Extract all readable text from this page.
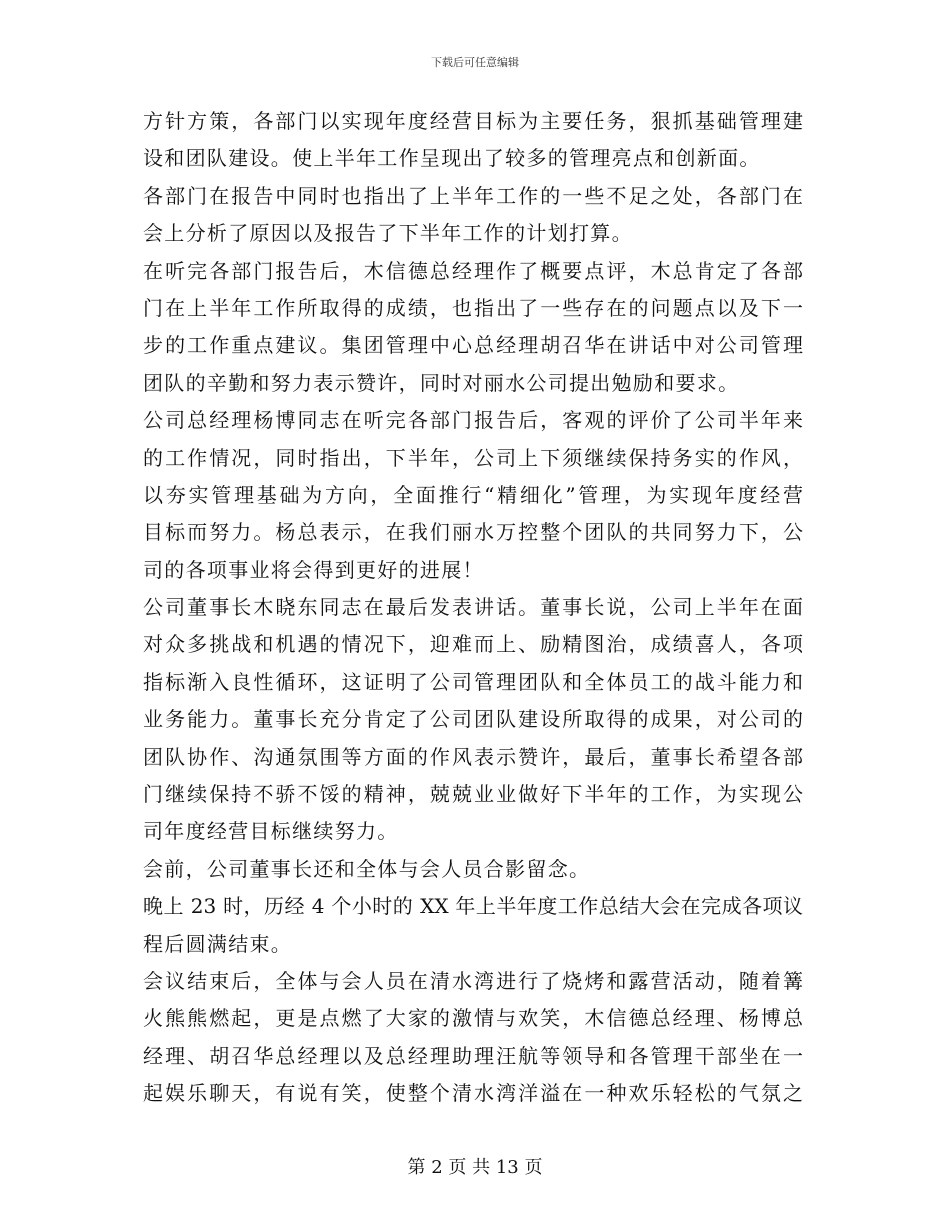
下载后可任意编辑
方针方策，各部门以实现年度经营目标为主要任务，狠抓基础管理建
设和团队建设。使上半年工作呈现出了较多的管理亮点和创新面。
各部门在报告中同时也指出了上半年工作的一些不足之处，各部门在
会上分析了原因以及报告了下半年工作的计划打算。
在听完各部门报告后，木信德总经理作了概要点评，木总肯定了各部
门在上半年工作所取得的成绩，也指出了一些存在的问题点以及下一
步的工作重点建议。集团管理中心总经理胡召华在讲话中对公司管理
团队的辛勤和努力表示赞许，同时对丽水公司提出勉励和要求。
公司总经理杨博同志在听完各部门报告后，客观的评价了公司半年来
的工作情况，同时指出，下半年，公司上下须继续保持务实的作风，
以夯实管理基础为方向，全面推行“精细化”管理，为实现年度经营
目标而努力。杨总表示，在我们丽水万控整个团队的共同努力下，公
司的各项事业将会得到更好的进展！
公司董事长木晓东同志在最后发表讲话。董事长说，公司上半年在面
对众多挑战和机遇的情况下，迎难而上、励精图治，成绩喜人，各项
指标渐入良性循环，这证明了公司管理团队和全体员工的战斗能力和
业务能力。董事长充分肯定了公司团队建设所取得的成果，对公司的
团队协作、沟通氛围等方面的作风表示赞许，最后，董事长希望各部
门继续保持不骄不馁的精神，兢兢业业做好下半年的工作，为实现公
司年度经营目标继续努力。
会前，公司董事长还和全体与会人员合影留念。
晚上 23 时，历经 4 个小时的 XX 年上半年度工作总结大会在完成各项议
程后圆满结束。
会议结束后，全体与会人员在清水湾进行了烧烤和露营活动，随着篝
火熊熊燃起，更是点燃了大家的激情与欢笑，木信德总经理、杨博总
经理、胡召华总经理以及总经理助理汪航等领导和各管理干部坐在一
起娱乐聊天，有说有笑，使整个清水湾洋溢在一种欢乐轻松的气氛之
第 2 页 共 13 页
